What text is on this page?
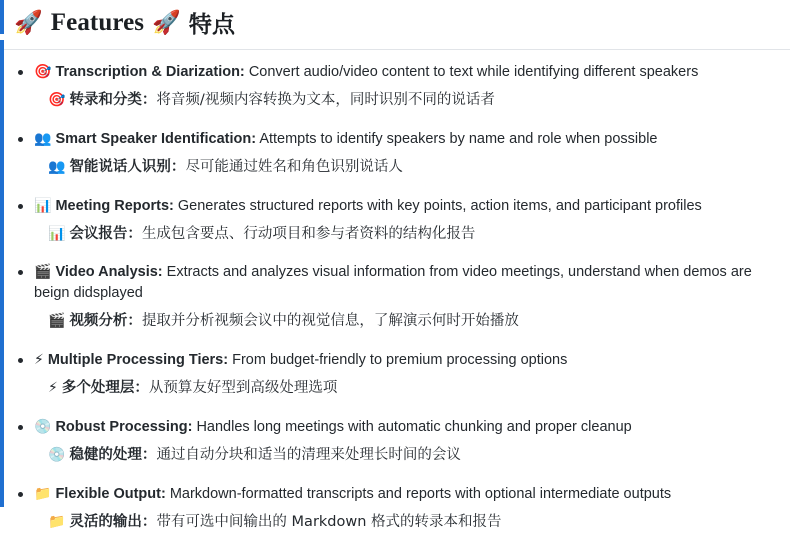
🚀 Features 🚀 特点
🎯 Transcription & Diarization: Convert audio/video content to text while identifying different speakers
🎯 转录和分类：将音频/视频内容转换为文本，同时识别不同的说话者
👥 Smart Speaker Identification: Attempts to identify speakers by name and role when possible
👥 智能说话人识别：尽可能通过姓名和角色识别说话人
📊 Meeting Reports: Generates structured reports with key points, action items, and participant profiles
📊 会议报告：生成包含要点、行动项目和参与者资料的结构化报告
🎬 Video Analysis: Extracts and analyzes visual information from video meetings, understand when demos are beign didsplayed
🎬 视频分析：提取并分析视频会议中的视觉信息，了解演示何时开始播放
⚡ Multiple Processing Tiers: From budget-friendly to premium processing options
⚡ 多个处理层：从预算友好型到高级处理选项
💿 Robust Processing: Handles long meetings with automatic chunking and proper cleanup
💿 稳健的处理：通过自动分块和适当的清理来处理长时间的会议
📁 Flexible Output: Markdown-formatted transcripts and reports with optional intermediate outputs
📁 灵活的输出：带有可选中间输出的 Markdown 格式的转录本和报告
